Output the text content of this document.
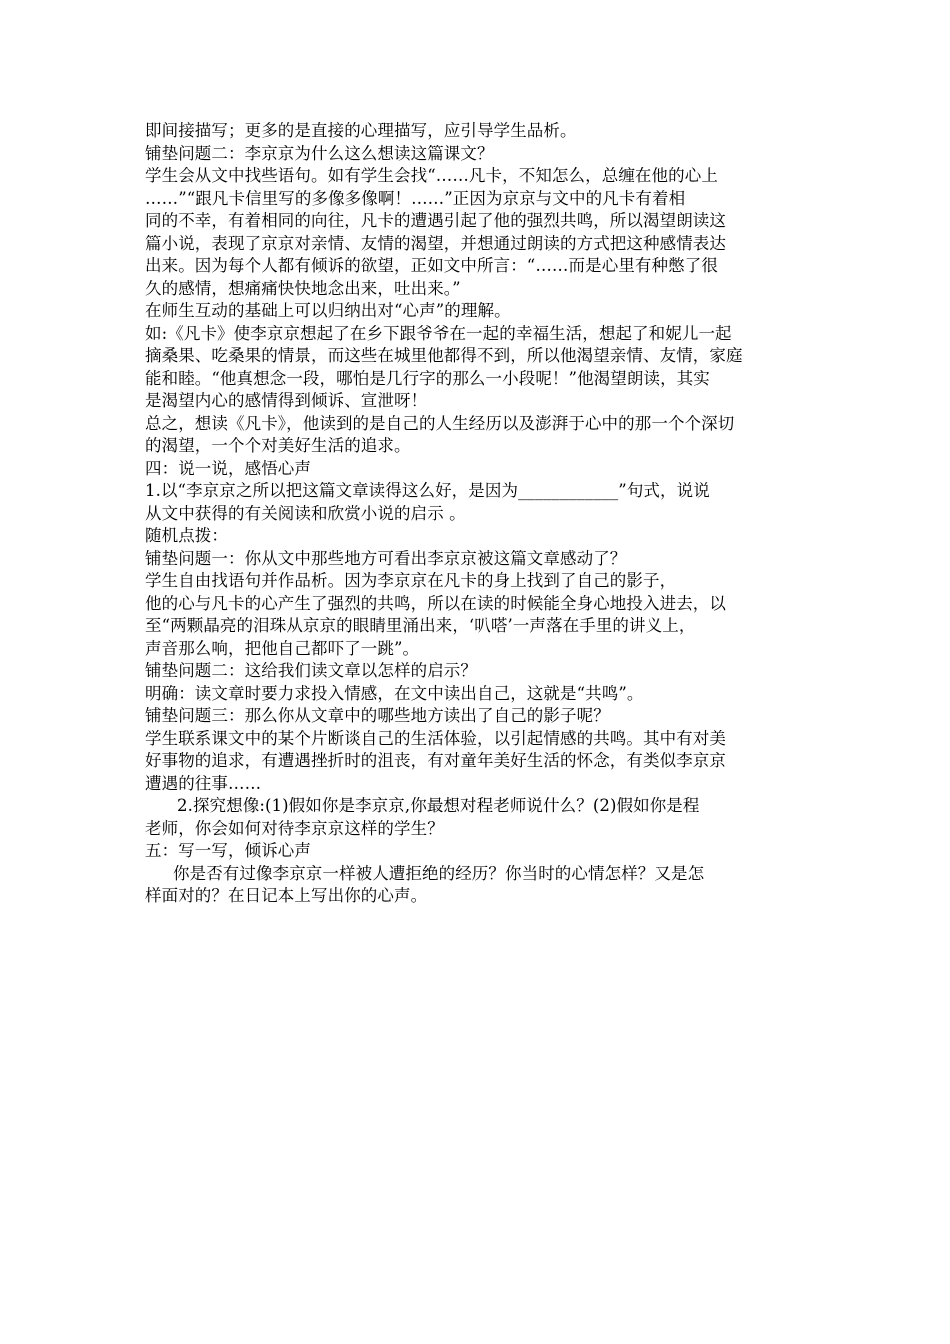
即间接描写；更多的是直接的心理描写，应引导学生品析。
铺垫问题二：李京京为什么这么想读这篇课文？
学生会从文中找些语句。如有学生会找“……凡卡，不知怎么，总缠在他的心上
……”“跟凡卡信里写的多像多像啊！……”正因为京京与文中的凡卡有着相
同的不幸，有着相同的向往，凡卡的遭遇引起了他的强烈共鸣，所以渴望朗读这
篇小说，表现了京京对亲情、友情的渴望，并想通过朗读的方式把这种感情表达
出来。因为每个人都有倾诉的欲望，正如文中所言：“……而是心里有种憋了很
久的感情，想痛痛快快地念出来，吐出来。”
在师生互动的基础上可以归纳出对“心声”的理解。
如:《凡卡》使李京京想起了在乡下跟爷爷在一起的幸福生活，想起了和妮儿一起
摘桑果、吃桑果的情景，而这些在城里他都得不到，所以他渴望亲情、友情，家庭
能和睦。“他真想念一段，哪怕是几行字的那么一小段呢！”他渴望朗读，其实
是渴望内心的感情得到倾诉、宣泄呀！
总之，想读《凡卡》，他读到的是自己的人生经历以及澎湃于心中的那一个个深切
的渴望，一个个对美好生活的追求。
四：说一说，感悟心声
1.以“李京京之所以把这篇文章读得这么好，是因为____________”句式，说说
从文中获得的有关阅读和欣赏小说的启示 。
随机点拨：
铺垫问题一：你从文中那些地方可看出李京京被这篇文章感动了？
学生自由找语句并作品析。因为李京京在凡卡的身上找到了自己的影子，
他的心与凡卡的心产生了强烈的共鸣，所以在读的时候能全身心地投入进去，以
至“两颗晶亮的泪珠从京京的眼睛里涌出来，‘叭嗒’一声落在手里的讲义上，
声音那么响，把他自己都吓了一跳”。
铺垫问题二：这给我们读文章以怎样的启示？
明确：读文章时要力求投入情感，在文中读出自己，这就是“共鸣”。
铺垫问题三：那么你从文章中的哪些地方读出了自己的影子呢？
学生联系课文中的某个片断谈自己的生活体验，以引起情感的共鸣。其中有对美
好事物的追求，有遭遇挫折时的沮丧，有对童年美好生活的怀念，有类似李京京
遭遇的往事……
2.探究想像:(1)假如你是李京京,你最想对程老师说什么？(2)假如你是程
老师，你会如何对待李京京这样的学生？
五：写一写，倾诉心声
你是否有过像李京京一样被人遭拒绝的经历？你当时的心情怎样？又是怎
样面对的？在日记本上写出你的心声。
